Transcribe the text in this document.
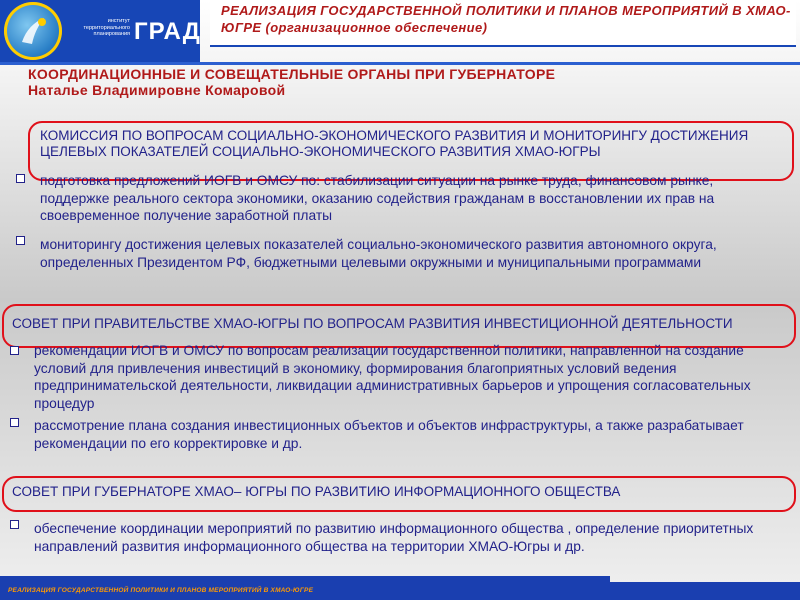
институт территориального планирования ГРАД
РЕАЛИЗАЦИЯ ГОСУДАРСТВЕННОЙ ПОЛИТИКИ И ПЛАНОВ МЕРОПРИЯТИЙ В ХМАО-ЮГРЕ (организационное обеспечение)
КООРДИНАЦИОННЫЕ И СОВЕЩАТЕЛЬНЫЕ ОРГАНЫ ПРИ ГУБЕРНАТОРЕ
Наталье Владимировне Комаровой
КОМИССИЯ ПО ВОПРОСАМ СОЦИАЛЬНО-ЭКОНОМИЧЕСКОГО РАЗВИТИЯ И МОНИТОРИНГУ ДОСТИЖЕНИЯ ЦЕЛЕВЫХ ПОКАЗАТЕЛЕЙ СОЦИАЛЬНО-ЭКОНОМИЧЕСКОГО РАЗВИТИЯ ХМАО-ЮГРЫ
подготовка предложений ИОГВ и ОМСУ по: стабилизации ситуации на рынке труда, финансовом рынке, поддержке реального сектора экономики, оказанию содействия гражданам в восстановлении их прав на своевременное получение заработной платы
мониторингу достижения целевых показателей социально-экономического развития автономного округа, определенных Президентом РФ, бюджетными целевыми окружными и муниципальными программами
СОВЕТ ПРИ ПРАВИТЕЛЬСТВЕ ХМАО-ЮГРЫ ПО ВОПРОСАМ РАЗВИТИЯ ИНВЕСТИЦИОННОЙ ДЕЯТЕЛЬНОСТИ
рекомендации ИОГВ и ОМСУ по вопросам реализации государственной политики, направленной на создание условий для привлечения инвестиций в экономику, формирования благоприятных условий ведения предпринимательской деятельности, ликвидации административных барьеров и упрощения согласовательных процедур
рассмотрение плана создания инвестиционных объектов и объектов инфраструктуры, а также разрабатывает рекомендации по его корректировке и др.
СОВЕТ ПРИ ГУБЕРНАТОРЕ ХМАО– ЮГРЫ ПО РАЗВИТИЮ ИНФОРМАЦИОННОГО ОБЩЕСТВА
обеспечение координации мероприятий по развитию информационного общества , определение приоритетных направлений развития информационного общества на территории ХМАО-Югры и др.
РЕАЛИЗАЦИЯ ГОСУДАРСТВЕННОЙ ПОЛИТИКИ И ПЛАНОВ МЕРОПРИЯТИЙ В ХМАО-ЮГРЕ
